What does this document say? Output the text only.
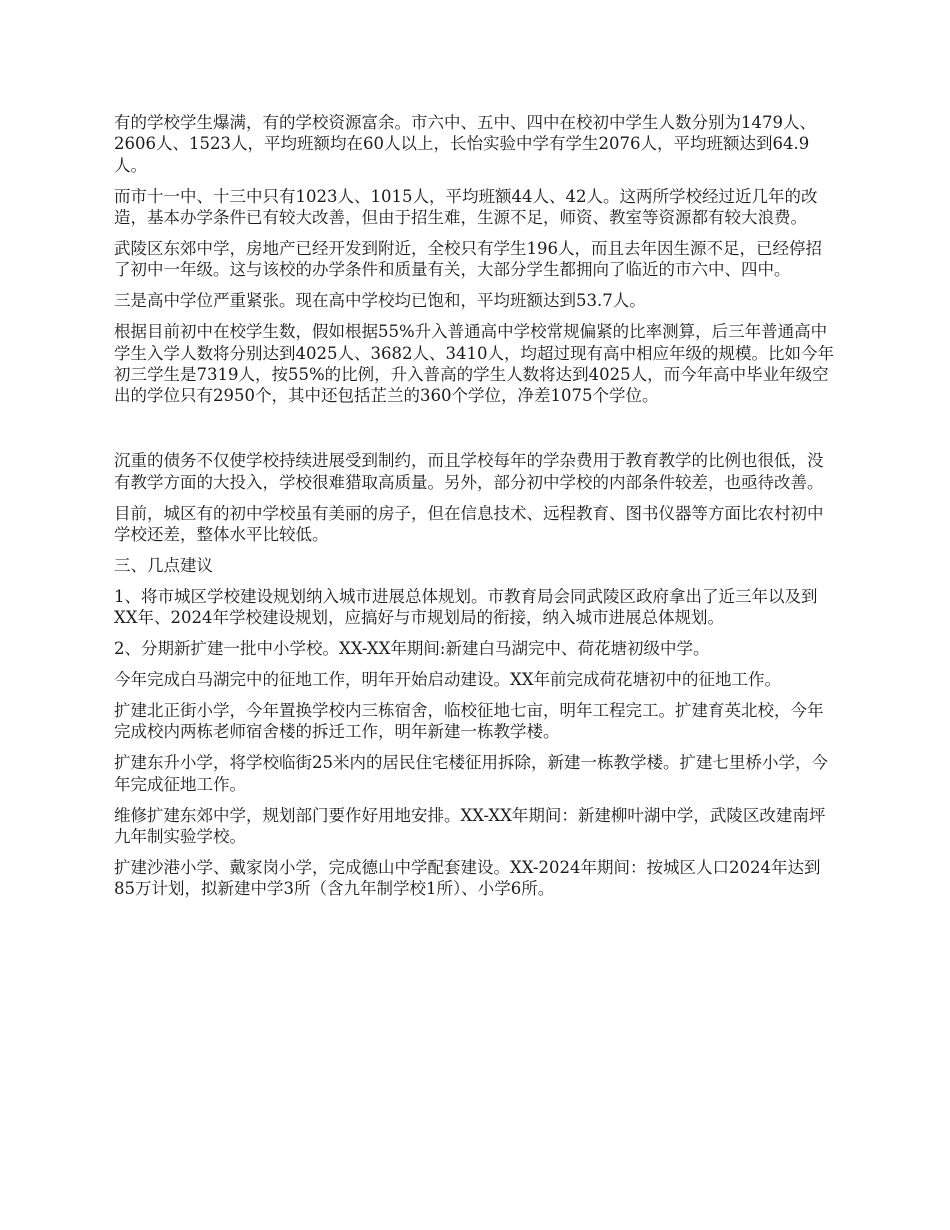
有的学校学生爆满，有的学校资源富余。市六中、五中、四中在校初中学生人数分别为1479人、2606人、1523人，平均班额均在60人以上，长怡实验中学有学生2076人，平均班额达到64.9人。

而市十一中、十三中只有1023人、1015人，平均班额44人、42人。这两所学校经过近几年的改造，基本办学条件已有较大改善，但由于招生难，生源不足，师资、教室等资源都有较大浪费。

武陵区东郊中学，房地产已经开发到附近，全校只有学生196人，而且去年因生源不足，已经停招了初中一年级。这与该校的办学条件和质量有关，大部分学生都拥向了临近的市六中、四中。

三是高中学位严重紧张。现在高中学校均已饱和，平均班额达到53.7人。

根据目前初中在校学生数，假如根据55%升入普通高中学校常规偏紧的比率测算，后三年普通高中学生入学人数将分别达到4025人、3682人、3410人，均超过现有高中相应年级的规模。比如今年初三学生是7319人，按55%的比例，升入普高的学生人数将达到4025人，而今年高中毕业年级空出的学位只有2950个，其中还包括芷兰的360个学位，净差1075个学位。

沉重的债务不仅使学校持续进展受到制约，而且学校每年的学杂费用于教育教学的比例也很低，没有教学方面的大投入，学校很难猎取高质量。另外，部分初中学校的内部条件较差，也亟待改善。

目前，城区有的初中学校虽有美丽的房子，但在信息技术、远程教育、图书仪器等方面比农村初中学校还差，整体水平比较低。

三、几点建议

1、将市城区学校建设规划纳入城市进展总体规划。市教育局会同武陵区政府拿出了近三年以及到XX年、2024年学校建设规划，应搞好与市规划局的衔接，纳入城市进展总体规划。

2、分期新扩建一批中小学校。XX-XX年期间:新建白马湖完中、荷花塘初级中学。

今年完成白马湖完中的征地工作，明年开始启动建设。XX年前完成荷花塘初中的征地工作。

扩建北正街小学，今年置换学校内三栋宿舍，临校征地七亩，明年工程完工。扩建育英北校，今年完成校内两栋老师宿舍楼的拆迁工作，明年新建一栋教学楼。

扩建东升小学，将学校临街25米内的居民住宅楼征用拆除，新建一栋教学楼。扩建七里桥小学，今年完成征地工作。

维修扩建东郊中学，规划部门要作好用地安排。XX-XX年期间：新建柳叶湖中学，武陵区改建南坪九年制实验学校。

扩建沙港小学、戴家岗小学，完成德山中学配套建设。XX-2024年期间：按城区人口2024年达到85万计划，拟新建中学3所（含九年制学校1所）、小学6所。
